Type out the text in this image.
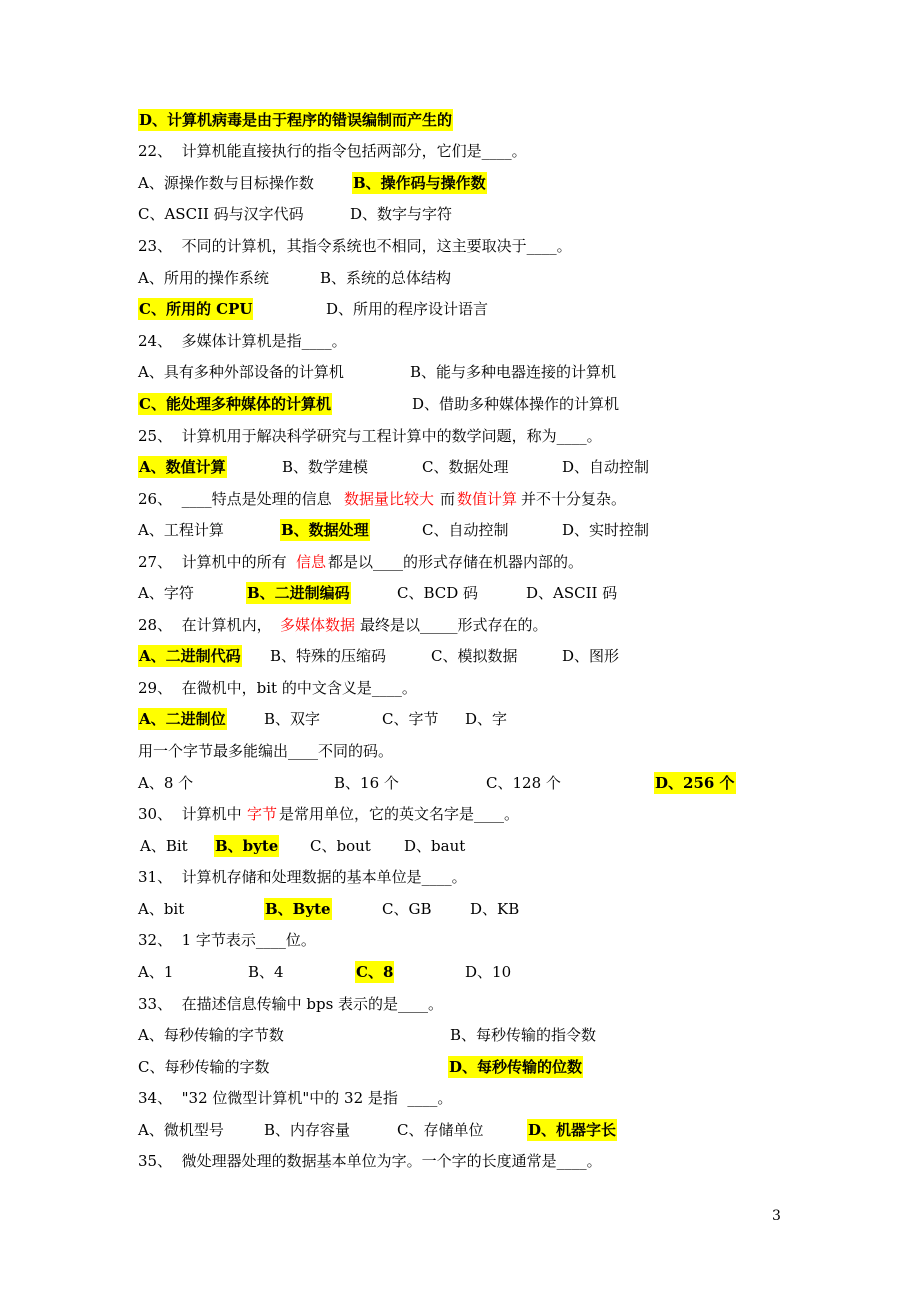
D、计算机病毒是由于程序的错误编制而产生的
22、  计算机能直接执行的指令包括两部分，它们是____。
A、源操作数与目标操作数	B、操作码与操作数
C、ASCII 码与汉字代码	D、数字与字符
23、  不同的计算机，其指令系统也不相同，这主要取决于____。
A、所用的操作系统	B、系统的总体结构
C、所用的 CPU	D、所用的程序设计语言
24、  多媒体计算机是指____。
A、具有多种外部设备的计算机	B、能与多种电器连接的计算机
C、能处理多种媒体的计算机	D、借助多种媒体操作的计算机
25、  计算机用于解决科学研究与工程计算中的数学问题，称为____。
A、数值计算	B、数学建模	C、数据处理	D、自动控制
26、  ____特点是处理的信息 数据量比较大 而 数值计算 并不十分复杂。
A、工程计算	B、数据处理	C、自动控制	D、实时控制
27、  计算机中的所有 信息 都是以____的形式存储在机器内部的。
A、字符	B、二进制编码	C、BCD 码	D、ASCII 码
28、  在计算机内， 多媒体数据 最终是以_____形式存在的。
A、二进制代码 B、特殊的压缩码	C、模拟数据	D、图形
29、  在微机中，bit 的中文含义是____。
A、二进制位	B、双字	C、字节 D、字
用一个字节最多能编出____不同的码。
A、8 个	B、16 个	C、128 个	D、256 个
30、  计算机中 字节 是常用单位，它的英文名字是____。
A、Bit B、byte C、bout D、baut
31、  计算机存储和处理数据的基本单位是____。
A、bit	B、Byte	C、GB	D、KB
32、  1 字节表示____位。
A、1	B、4	C、8	D、10
33、  在描述信息传输中 bps 表示的是____。
A、每秒传输的字节数	B、每秒传输的指令数
C、每秒传输的字数	D、每秒传输的位数
34、  "32 位微型计算机"中的 32 是指  ____。
A、微机型号	B、内存容量	C、存储单位	D、机器字长
35、  微处理器处理的数据基本单位为字。一个字的长度通常是____。
3
